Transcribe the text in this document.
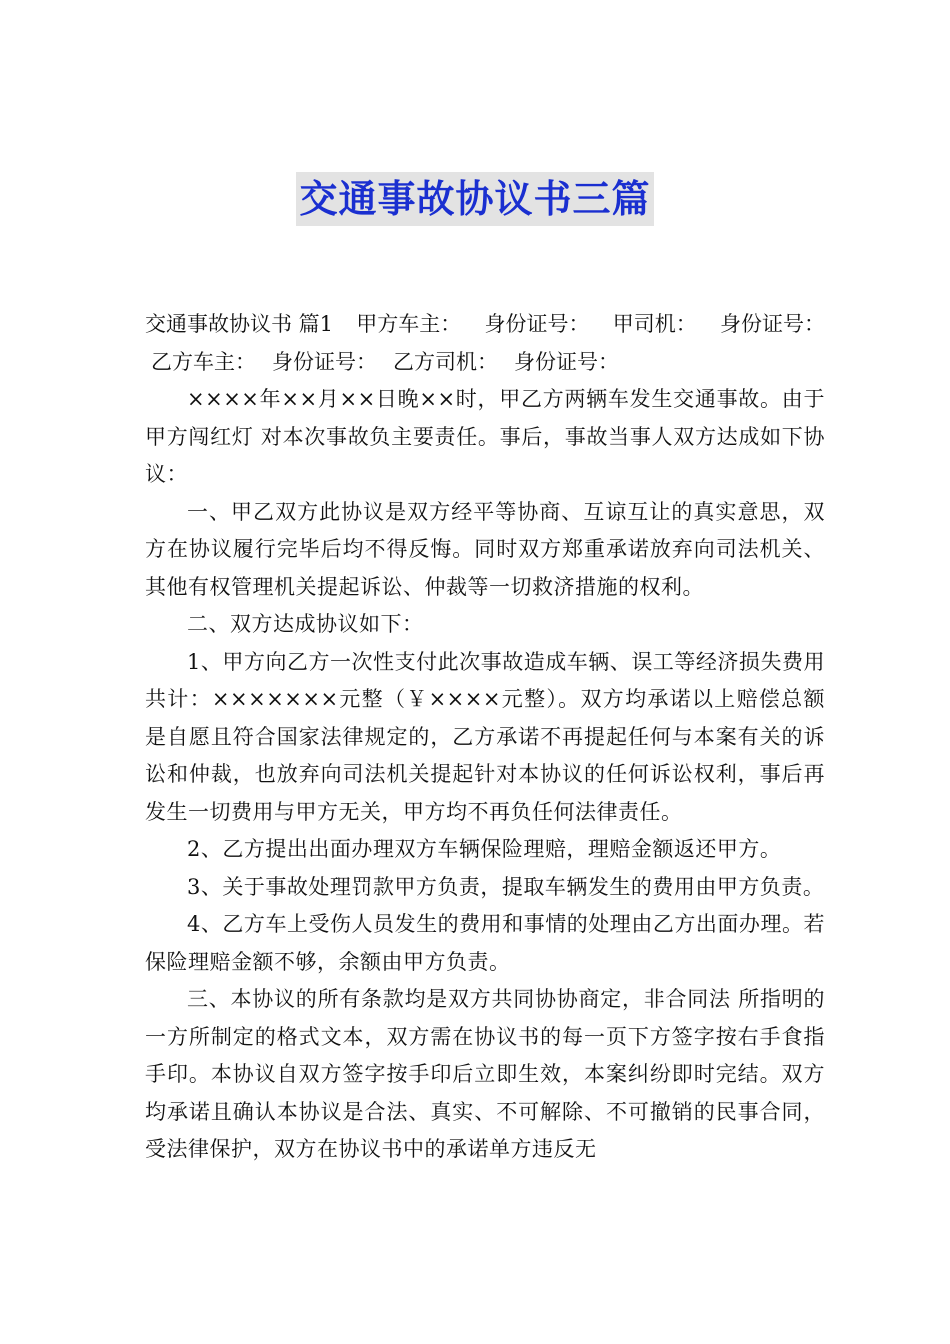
交通事故协议书三篇
交通事故协议书 篇1 甲方车主： 身份证号： 甲司机： 身份证号：
乙方车主： 身份证号： 乙方司机： 身份证号：

××××年××月××日晚××时，甲乙方两辆车发生交通事故。由于甲方闯红灯 对本次事故负主要责任。事后，事故当事人双方达成如下协议：

一、甲乙双方此协议是双方经平等协商、互谅互让的真实意思，双方在协议履行完毕后均不得反悔。同时双方郑重承诺放弃向司法机关、其他有权管理机关提起诉讼、仲裁等一切救济措施的权利。

二、双方达成协议如下：

1、甲方向乙方一次性支付此次事故造成车辆、误工等经济损失费用共计：×××××××元整（￥××××元整）。双方均承诺以上赔偿总额是自愿且符合国家法律规定的，乙方承诺不再提起任何与本案有关的诉讼和仲裁，也放弃向司法机关提起针对本协议的任何诉讼权利，事后再发生一切费用与甲方无关，甲方均不再负任何法律责任。

2、乙方提出出面办理双方车辆保险理赔，理赔金额返还甲方。

3、关于事故处理罚款甲方负责，提取车辆发生的费用由甲方负责。

4、乙方车上受伤人员发生的费用和事情的处理由乙方出面办理。若保险理赔金额不够，余额由甲方负责。

三、本协议的所有条款均是双方共同协协商定，非合同法 所指明的一方所制定的格式文本，双方需在协议书的每一页下方签字按右手食指手印。本协议自双方签字按手印后立即生效，本案纠纷即时完结。双方均承诺且确认本协议是合法、真实、不可解除、不可撤销的民事合同，受法律保护，双方在协议书中的承诺单方违反无
